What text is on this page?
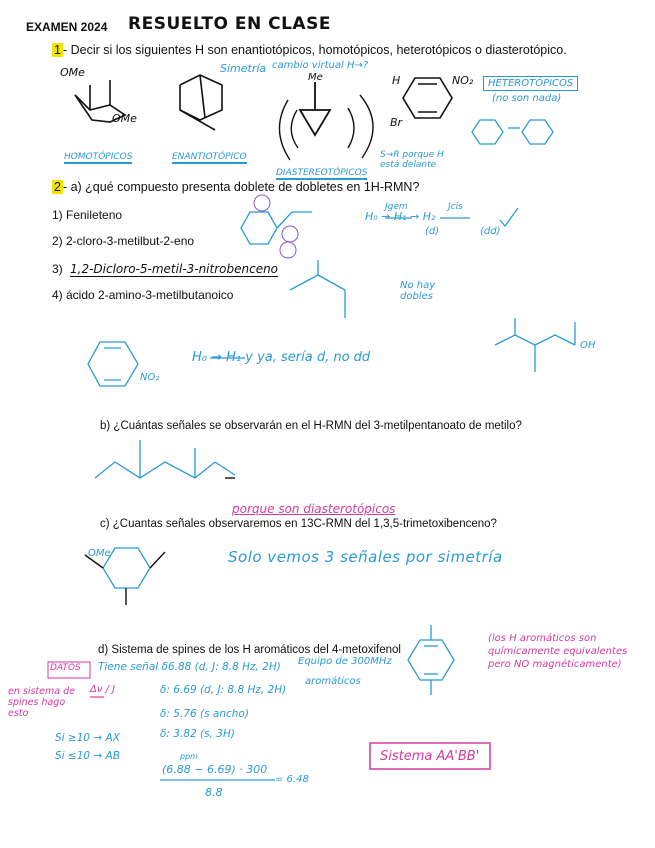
EXAMEN 2024 RESUELTO EN CLASE
1 - Decir si los siguientes H son enantiotópicos, homotópicos, heterotópicos o diasterotópico.
OMe
OMe
Simetría cambio virtual H→?
Me	H	NO₂
Br
HETEROTÓPICOS
(no son nada)
HOMOTÓPICOS	ENANTIOTÓPICO
DIASTEREOTÓPICOS
S→R porque H está delante
2 - a) ¿qué compuesto presenta doblete de dobletes en 1H-RMN?
1) Fenileteno
2) 2-cloro-3-metilbut-2-eno
3) 1,2-Dicloro-5-metil-3-nitrobenceno
4) ácido 2-amino-3-metilbutanoico
H₀ → H₁ → H₂
Jgem	Jcis
(d)	(dd)
No hay dobles
H₀ → H₁ y ya, sería d, no dd
NO₂
OH
b) ¿Cuántas señales se observarán en el H-RMN del 3-metilpentanoato de metilo?
porque son diasterotópicos
c) ¿Cuantas señales observaremos en 13C-RMN del 1,3,5-trimetoxibenceno?
Solo vemos 3 señales por simetría
OMe
d) Sistema de spines de los H aromáticos del 4-metoxifenol
(los H aromáticos son químicamente equivalentes pero NO magnéticamente)
DATOS Tiene señal δ6.88 (d, J: 8.8 Hz, 2H)
δ: 6.69 (d, J: 8.8 Hz, 2H)
δ: 5.76 (s ancho)
δ: 3.82 (s, 3H)
Equipo de 300MHz
aromáticos
en sistema de spines hago esto
Δν / J
Si ≥10 → AX
Si ≤10 → AB	ppm
(6.88 − 6.69) · 300
8.8
= 6.48
Sistema AA'BB'
